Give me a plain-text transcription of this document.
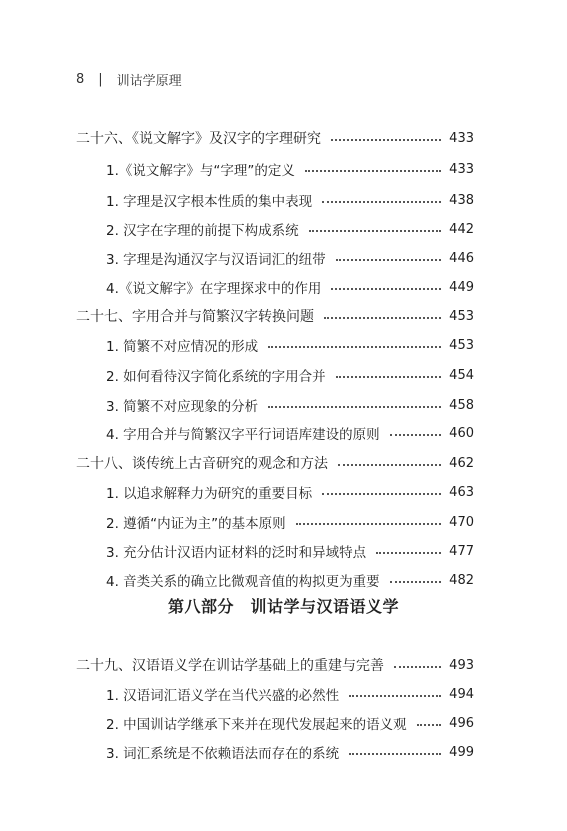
8 | 训诂学原理
二十六、《说文解字》及汉字的字理研究	433
1.《说文解字》与“字理”的定义	433
1. 字理是汉字根本性质的集中表现	438
2. 汉字在字理的前提下构成系统	442
3. 字理是沟通汉字与汉语词汇的纽带	446
4.《说文解字》在字理探求中的作用	449
二十七、字用合并与简繁汉字转换问题	453
1. 简繁不对应情况的形成	453
2. 如何看待汉字简化系统的字用合并	454
3. 简繁不对应现象的分析	458
4. 字用合并与简繁汉字平行词语库建设的原则	460
二十八、谈传统上古音研究的观念和方法	462
1. 以追求解释力为研究的重要目标	463
2. 遵循“内证为主”的基本原则	470
3. 充分估计汉语内证材料的泛时和异域特点	477
4. 音类关系的确立比微观音值的构拟更为重要	482
第八部分　训诂学与汉语语义学
二十九、汉语语义学在训诂学基础上的重建与完善	493
1. 汉语词汇语义学在当代兴盛的必然性	494
2. 中国训诂学继承下来并在现代发展起来的语义观	496
3. 词汇系统是不依赖语法而存在的系统	499
